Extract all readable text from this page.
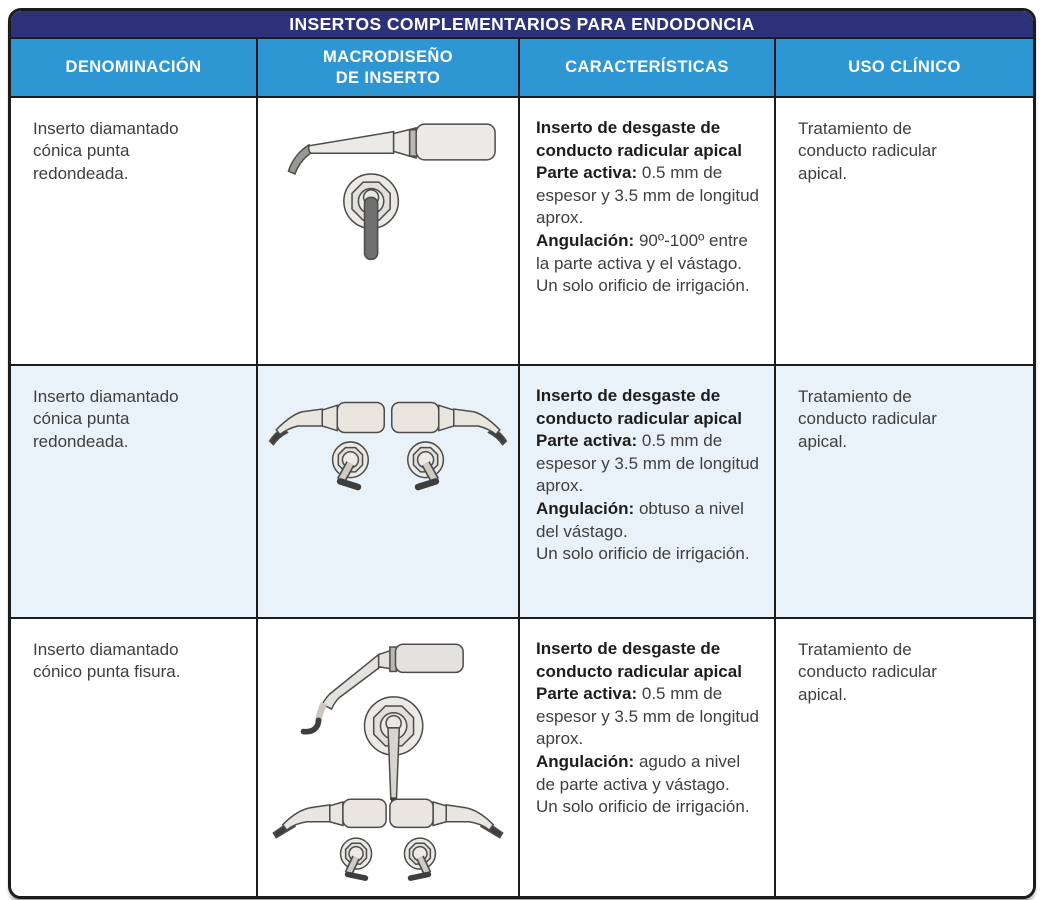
INSERTOS COMPLEMENTARIOS PARA ENDODONCIA
DENOMINACIÓN
MACRODISEÑO
DE INSERTO
CARACTERÍSTICAS	USO CLÍNICO

Inserto diamantado cónica punta redondeada.

Inserto de desgaste de conducto radicular apical

Parte activa: 0.5 mm de espesor y 3.5 mm de longitud aprox.

Angulación: 90º-100º entre la parte activa y el vástago.

Un solo orificio de irrigación.

Tratamiento de conducto radicular apical.

Inserto diamantado cónica punta redondeada.

Inserto de desgaste de conducto radicular apical

Parte activa: 0.5 mm de espesor y 3.5 mm de longitud aprox.

Angulación: obtuso a nivel del vástago.

Un solo orificio de irrigación.

Tratamiento de conducto radicular apical.

Inserto diamantado cónico punta fisura.

Inserto de desgaste de conducto radicular apical

Parte activa: 0.5 mm de espesor y 3.5 mm de longitud aprox.

Angulación: agudo a nivel de parte activa y vástago.

Un solo orificio de irrigación.

Tratamiento de conducto radicular apical.
